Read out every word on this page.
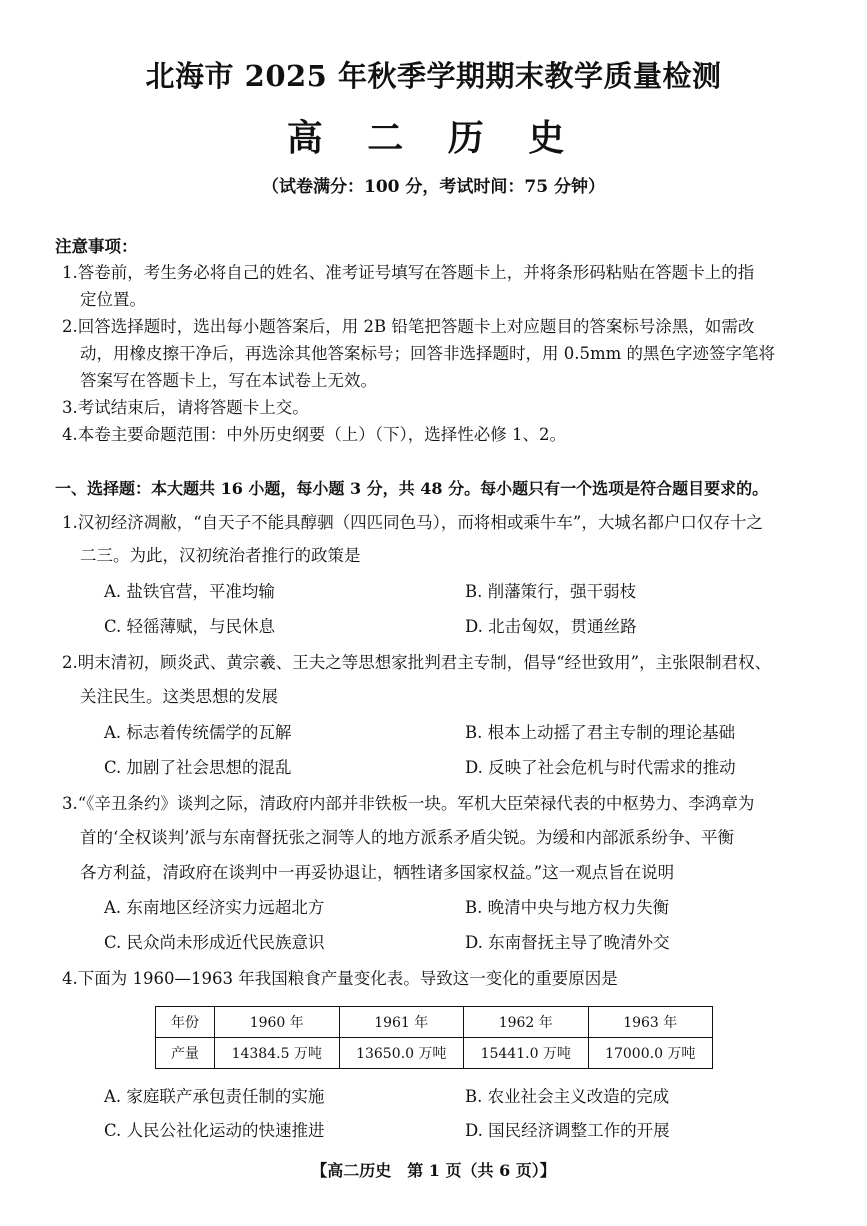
北海市 2025 年秋季学期期末教学质量检测
高 二 历 史
（试卷满分：100 分，考试时间：75 分钟）
注意事项：
1.答卷前，考生务必将自己的姓名、准考证号填写在答题卡上，并将条形码粘贴在答题卡上的指
定位置。
2.回答选择题时，选出每小题答案后，用 2B 铅笔把答题卡上对应题目的答案标号涂黑，如需改
动，用橡皮擦干净后，再选涂其他答案标号；回答非选择题时，用 0.5mm 的黑色字迹签字笔将
答案写在答题卡上，写在本试卷上无效。
3.考试结束后，请将答题卡上交。
4.本卷主要命题范围：中外历史纲要（上）（下），选择性必修 1、2。
一、选择题：本大题共 16 小题，每小题 3 分，共 48 分。每小题只有一个选项是符合题目要求的。
1.汉初经济凋敝，“自天子不能具醇驷（四匹同色马），而将相或乘牛车”，大城名都户口仅存十之
二三。为此，汉初统治者推行的政策是
A. 盐铁官营，平准均输	B. 削藩策行，强干弱枝
C. 轻徭薄赋，与民休息	D. 北击匈奴，贯通丝路
2.明末清初，顾炎武、黄宗羲、王夫之等思想家批判君主专制，倡导“经世致用”，主张限制君权、
关注民生。这类思想的发展
A. 标志着传统儒学的瓦解	B. 根本上动摇了君主专制的理论基础
C. 加剧了社会思想的混乱	D. 反映了社会危机与时代需求的推动
3.“《辛丑条约》谈判之际，清政府内部并非铁板一块。军机大臣荣禄代表的中枢势力、李鸿章为
首的‘全权谈判’派与东南督抚张之洞等人的地方派系矛盾尖锐。为缓和内部派系纷争、平衡
各方利益，清政府在谈判中一再妥协退让，牺牲诸多国家权益。”这一观点旨在说明
A. 东南地区经济实力远超北方	B. 晚清中央与地方权力失衡
C. 民众尚未形成近代民族意识	D. 东南督抚主导了晚清外交
4.下面为 1960—1963 年我国粮食产量变化表。导致这一变化的重要原因是
年份	1960 年	1961 年	1962 年	1963 年
产量	14384.5 万吨	13650.0 万吨	15441.0 万吨	17000.0 万吨
A. 家庭联产承包责任制的实施	B. 农业社会主义改造的完成
C. 人民公社化运动的快速推进	D. 国民经济调整工作的开展
【高二历史　第 1 页（共 6 页）】
